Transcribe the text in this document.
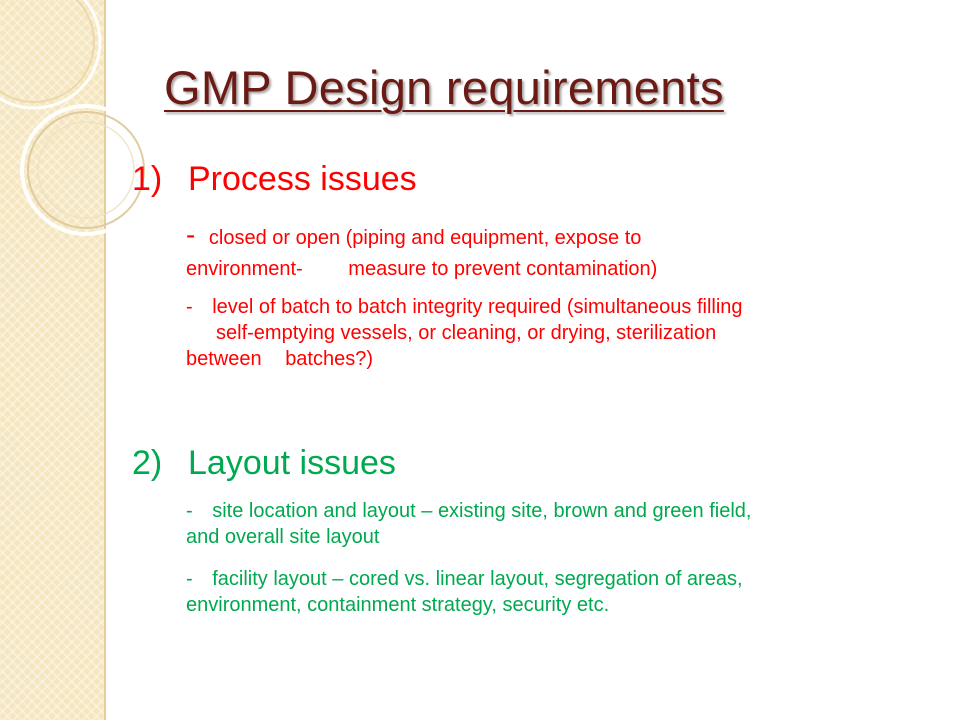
GMP Design requirements
1) Process issues
- closed or open (piping and equipment, expose to
environment- measure to prevent contamination)
- level of batch to batch integrity required (simultaneous filling
self-emptying vessels, or cleaning, or drying, sterilization
between batches?)
2) Layout issues
- site location and layout – existing site, brown and green field,
and overall site layout
- facility layout – cored vs. linear layout, segregation of areas,
environment, containment strategy, security etc.
